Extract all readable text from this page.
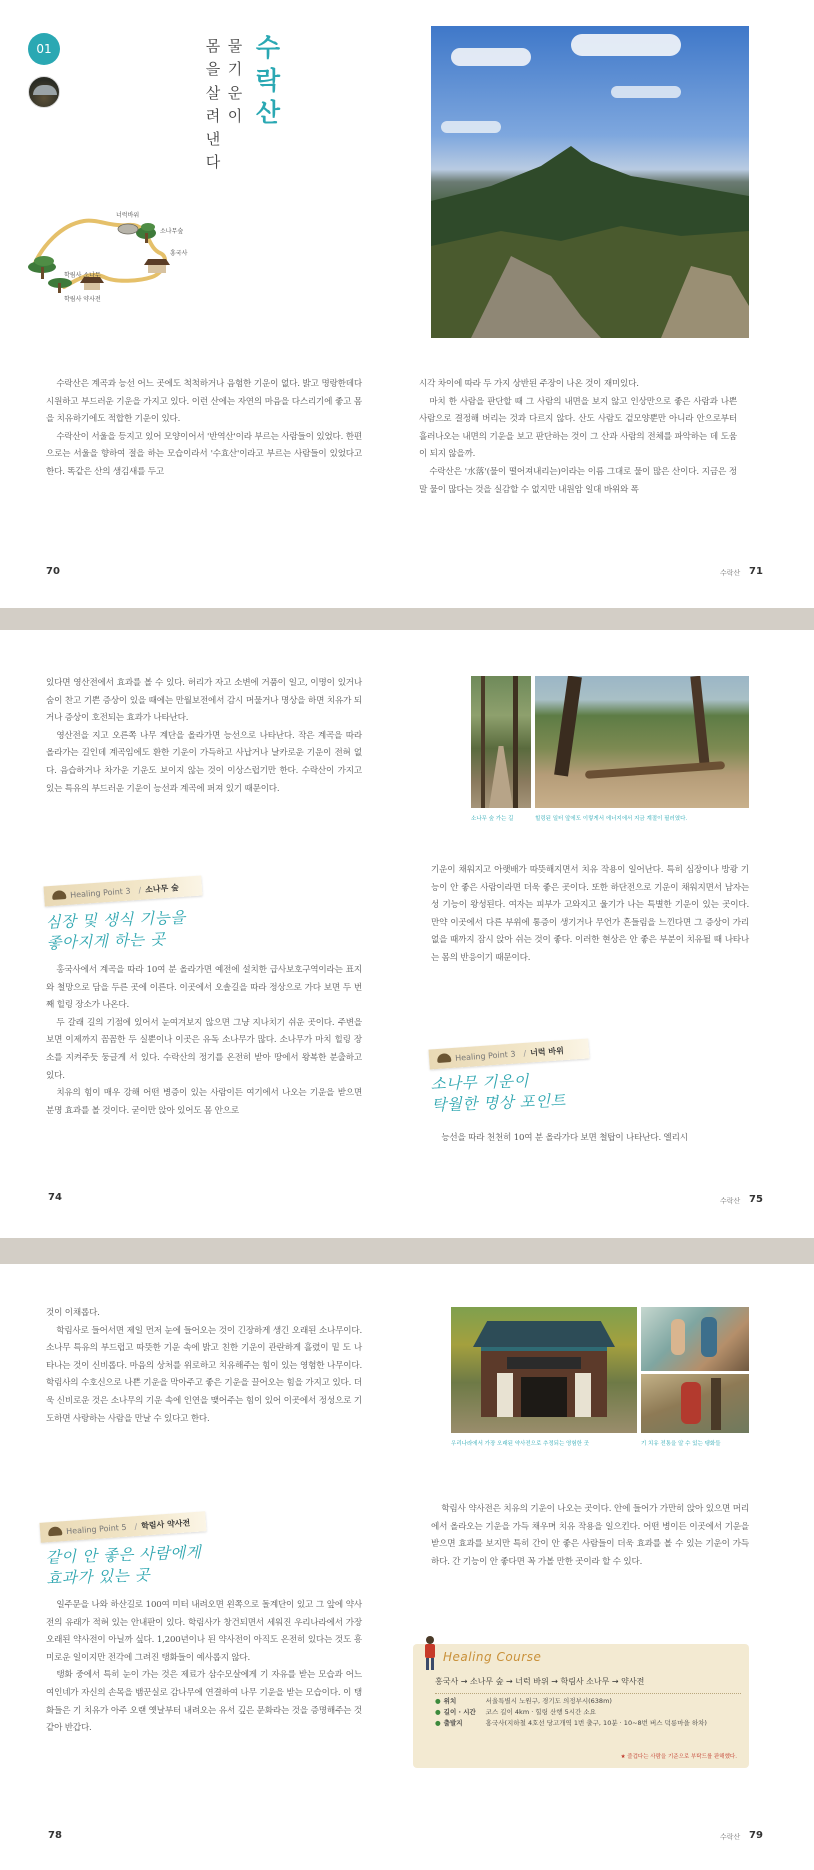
01	몸을 살려낸다
물 기운이
수락산
너럭바위
소나무숲
흥국사
학림사 소나무
학림사 약사전

수락산은 계곡과 능선 어느 곳에도 척척하거나 음험한 기운이 없다. 밝고 명랑한데다 시원하고 부드러운 기운을 가지고 있다. 이런 산에는 자연의 마음을 다스리기에 좋고 몸을 치유하기에도 적합한 기운이 있다.

수락산이 서울을 등지고 있어 모양이어서 '반역산'이라 부르는 사람들이 있었다. 한편으로는 서울을 향하여 절을 하는 모습이라서 '수효산'이라고 부르는 사람들이 있었다고 한다. 똑같은 산의 생김새를 두고

70

시각 차이에 따라 두 가지 상반된 주장이 나온 것이 재미있다.

마치 한 사람을 판단할 때 그 사람의 내면을 보지 않고 인상만으로 좋은 사람과 나쁜 사람으로 결정해 버리는 것과 다르지 않다. 산도 사람도 겉모양뿐만 아니라 안으로부터 흘러나오는 내면의 기운을 보고 판단하는 것이 그 산과 사람의 전체를 파악하는 데 도움이 되지 않을까.

수락산은 '水落'(물이 떨어져내리는)이라는 이름 그대로 물이 많은 산이다. 지금은 정말 물이 많다는 것을 실감할 수 없지만 내원암 일대 바위와 폭

수락산 71

있다면 영산전에서 효과를 볼 수 있다. 허리가 자고 소변에 거품이 일고, 이명이 있거나 숨이 찬고 기쁜 증상이 있을 때에는 만월보전에서 감시 머물거나 명상을 하면 치유가 되거나 증상이 호전되는 효과가 나타난다.

영산전을 지고 오른쪽 나무 계단을 올라가면 능선으로 나타난다. 작은 계곡을 따라 올라가는 길인데 계곡임에도 환한 기운이 가득하고 사납거나 날카로운 기운이 전혀 없다. 음습하거나 차가운 기운도 보이지 않는 것이 이상스럽기만 한다. 수락산이 가지고 있는 특유의 부드러운 기운이 능선과 계곡에 퍼져 있기 때문이다.

Healing Point 3 / 소나무 숲
심장 및 생식 기능을
좋아지게 하는 곳

홍국사에서 계곡을 따라 10여 분 올라가면 예전에 설치한 급사보호구역이라는 표지와 철망으로 담을 두른 곳에 이른다. 이곳에서 오솔길을 따라 정상으로 가다 보면 두 번째 힐링 장소가 나온다.

두 갈래 길의 기점에 있어서 눈여겨보지 않으면 그냥 지나치기 쉬운 곳이다. 주변을 보면 이제까지 꼼꼼한 두 실뿐이나 이곳은 유독 소나무가 많다. 소나무가 마치 힐링 장소를 지켜주듯 둥글게 서 있다. 수락산의 정기를 온전히 받아 땅에서 왕복한 분출하고 있다.

치유의 힘이 매우 강해 어떤 병증이 있는 사람이든 여기에서 나오는 기운을 받으면 분명 효과를 볼 것이다. 굳이만 앉아 있어도 몸 안으로

74
소나무 숲 가는 길	힐링된 일터 앞에도 이렇게서 에너지에서 지금 계절이 필러였다.

기운이 채워지고 아랫배가 따뜻해지면서 치유 작용이 일어난다. 특히 심장이나 방광 기능이 안 좋은 사람이라면 더욱 좋은 곳이다. 또한 하단전으로 기운이 채워지면서 남자는 성 기능이 왕성된다. 여자는 피부가 고와지고 울기가 나는 특별한 기운이 있는 곳이다. 만약 이곳에서 다른 부위에 통증이 생기거나 무언가 흔들림을 느낀다면 그 증상이 가리없을 때까지 잠시 앉아 쉬는 것이 좋다. 이러한 현상은 안 좋은 부분이 치유될 때 나타나는 몸의 반응이기 때문이다.

Healing Point 3 / 너럭 바위
소나무 기운이
탁월한 명상 포인트

능선을 따라 천천히 10여 분 올라가다 보면 철탑이 나타난다. 엘리시

수락산 75

것이 이채롭다.

학림사로 들어서면 제일 먼저 눈에 들어오는 것이 긴장하게 생긴 오래된 소나무이다. 소나무 특유의 부드럽고 따뜻한 기운 속에 밝고 친한 기운이 관란하게 흘렸이 밑 도 나타나는 것이 신비롭다. 마음의 상처를 위로하고 치유해주는 힘이 있는 영험한 나무이다. 학림사의 수호신으로 나쁜 기운을 막아주고 좋은 기운을 끌어오는 힘을 가지고 있다. 더욱 신비로운 것은 소나무의 기운 속에 인연을 맺어주는 힘이 있어 이곳에서 정성으로 기도하면 사랑하는 사람을 만날 수 있다고 한다.

Healing Point 5 / 학림사 약사전
같이 안 좋은 사람에게
효과가 있는 곳

일주문을 나와 하산길로 100여 미터 내려오면 왼쪽으로 돌계단이 있고 그 앞에 약사전의 유래가 적혀 있는 안내판이 있다. 학림사가 창건되면서 세워진 우리나라에서 가장 오래된 약사전이 아닐까 싶다. 1,200년이나 된 약사전이 아직도 온전히 있다는 것도 흥미로운 일이지만 전각에 그려진 탱화들이 예사롭지 않다.

탱화 중에서 특히 눈이 가는 것은 제료가 삼수모살에게 기 자유를 받는 모습과 어느 여인네가 자신의 손목을 뱀꾼실로 감나무에 연결하여 나무 기운을 받는 모습이다. 이 탱화들은 기 치유가 아주 오랜 옛날부터 내려오는 유서 깊은 문화라는 것을 증명해주는 것 같아 반갑다.

78
우리나라에서 가장 오래된 약사전으로 추정되는 영험한 곳	기 치유 전통을 알 수 있는 탱화들

학림사 약사전은 치유의 기운이 나오는 곳이다. 안에 들어가 가만히 앉아 있으면 머리에서 올라오는 기운을 가득 채우며 치유 작용을 일으킨다. 어떤 병이든 이곳에서 기운을 받으면 효과를 보지만 특히 간이 안 좋은 사람들이 더욱 효과를 볼 수 있는 기운이 가득하다. 간 기능이 안 좋다면 꼭 가볼 만한 곳이라 할 수 있다.

Healing Course
홍국사 → 소나무 숲 → 너럭 바위 → 학림사 소나무 → 약사전
● 위치	서울특별시 노원구, 경기도 의정부시(638m)
● 길이 · 시간	코스 길이 4km · 힐링 산행 5시간 소요
● 출발지	홍국사(지하철 4호선 당고개역 1번 출구, 10분 · 10~8번 버스 덕릉마을 하차)
★ 즐겁다는 사람을 기준으로 부탁드를 판해했다.
수락산 79
